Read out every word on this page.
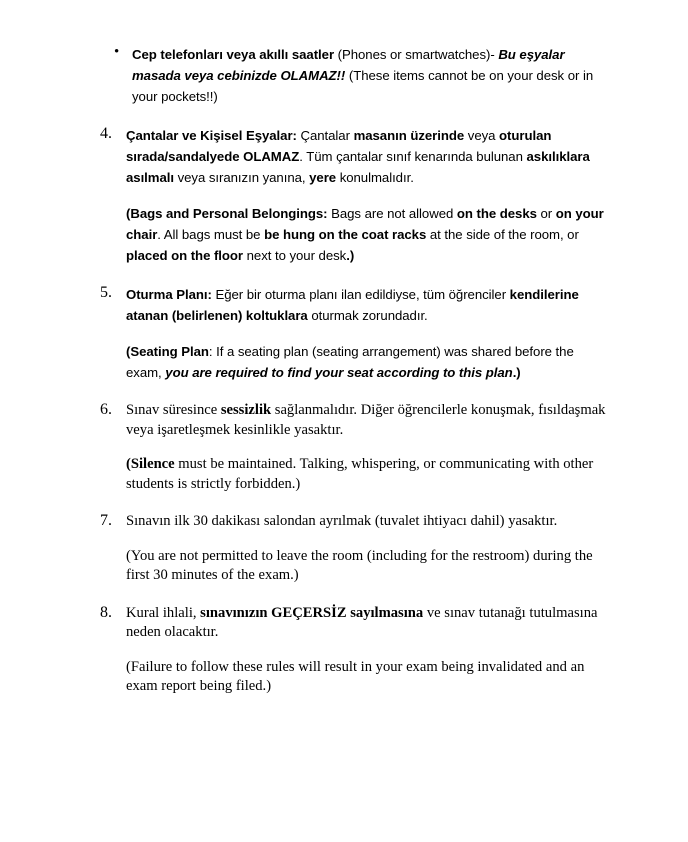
• Cep telefonları veya akıllı saatler (Phones or smartwatches)- Bu eşyalar masada veya cebinizde OLAMAZ!! (These items cannot be on your desk or in your pockets!!)

Çantalar ve Kişisel Eşyalar: Çantalar masanın üzerinde veya oturulan sırada/sandalyede OLAMAZ. Tüm çantalar sınıf kenarında bulunan askılıklara asılmalı veya sıranızın yanına, yere konulmalıdır.

(Bags and Personal Belongings: Bags are not allowed on the desks or on your chair. All bags must be be hung on the coat racks at the side of the room, or placed on the floor next to your desk.)

Oturma Planı: Eğer bir oturma planı ilan edildiyse, tüm öğrenciler kendilerine atanan (belirlenen) koltuklara oturmak zorundadır.

(Seating Plan: If a seating plan (seating arrangement) was shared before the exam, you are required to find your seat according to this plan.)

Sınav süresince sessizlik sağlanmalıdır. Diğer öğrencilerle konuşmak, fısıldaşmak veya işaretleşmek kesinlikle yasaktır.

(Silence must be maintained. Talking, whispering, or communicating with other students is strictly forbidden.)

Sınavın ilk 30 dakikası salondan ayrılmak (tuvalet ihtiyacı dahil) yasaktır.

(You are not permitted to leave the room (including for the restroom) during the first 30 minutes of the exam.)

Kural ihlali, sınavınızın GEÇERSİZ sayılmasına ve sınav tutanağı tutulmasına neden olacaktır.

(Failure to follow these rules will result in your exam being invalidated and an exam report being filed.)
